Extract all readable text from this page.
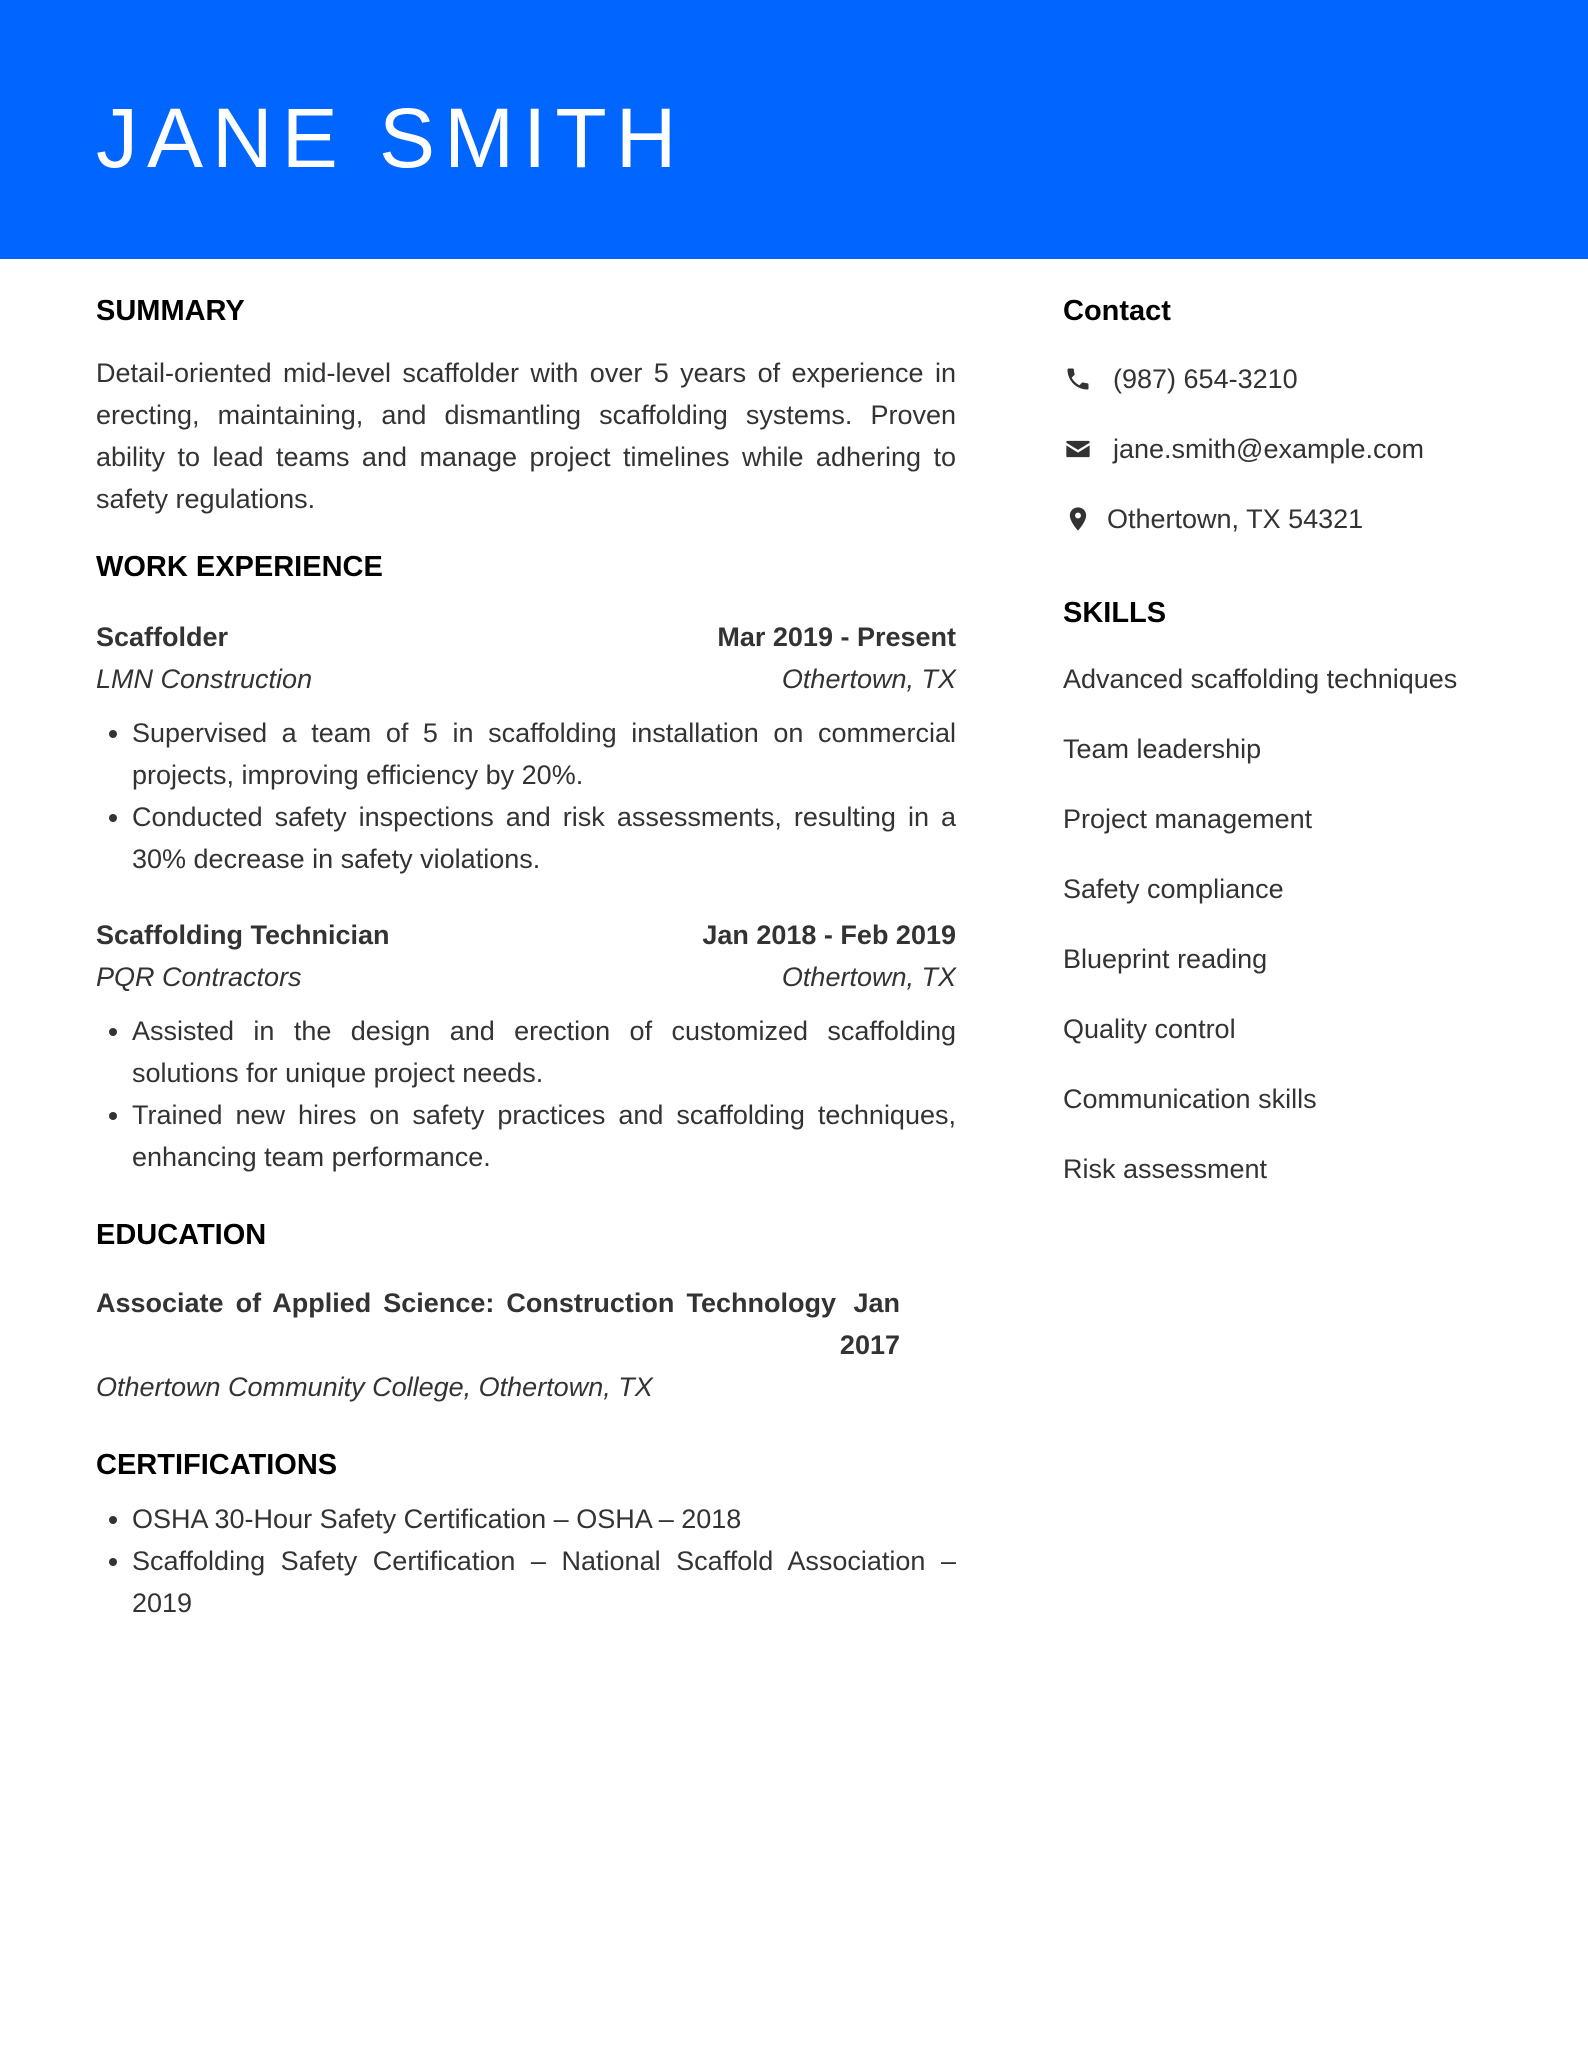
JANE SMITH
SUMMARY

Detail-oriented mid-level scaffolder with over 5 years of experience in erecting, maintaining, and dismantling scaffolding systems. Proven ability to lead teams and manage project timelines while adhering to safety regulations.

WORK EXPERIENCE
Scaffolder	Mar 2019 - Present
LMN Construction	Othertown, TX
• Supervised a team of 5 in scaffolding installation on commercial projects, improving efficiency by 20%.
• Conducted safety inspections and risk assessments, resulting in a 30% decrease in safety violations.
Scaffolding Technician	Jan 2018 - Feb 2019
PQR Contractors	Othertown, TX
• Assisted in the design and erection of customized scaffolding solutions for unique project needs.
• Trained new hires on safety practices and scaffolding techniques, enhancing team performance.
EDUCATION
Associate of Applied Science: Construction Technology Jan 2017
Othertown Community College, Othertown, TX
CERTIFICATIONS
• OSHA 30-Hour Safety Certification – OSHA – 2018
• Scaffolding Safety Certification – National Scaffold Association – 2019
Contact
(987) 654-3210
jane.smith@example.com
Othertown, TX 54321
SKILLS
Advanced scaffolding techniques
Team leadership
Project management
Safety compliance
Blueprint reading
Quality control
Communication skills
Risk assessment
